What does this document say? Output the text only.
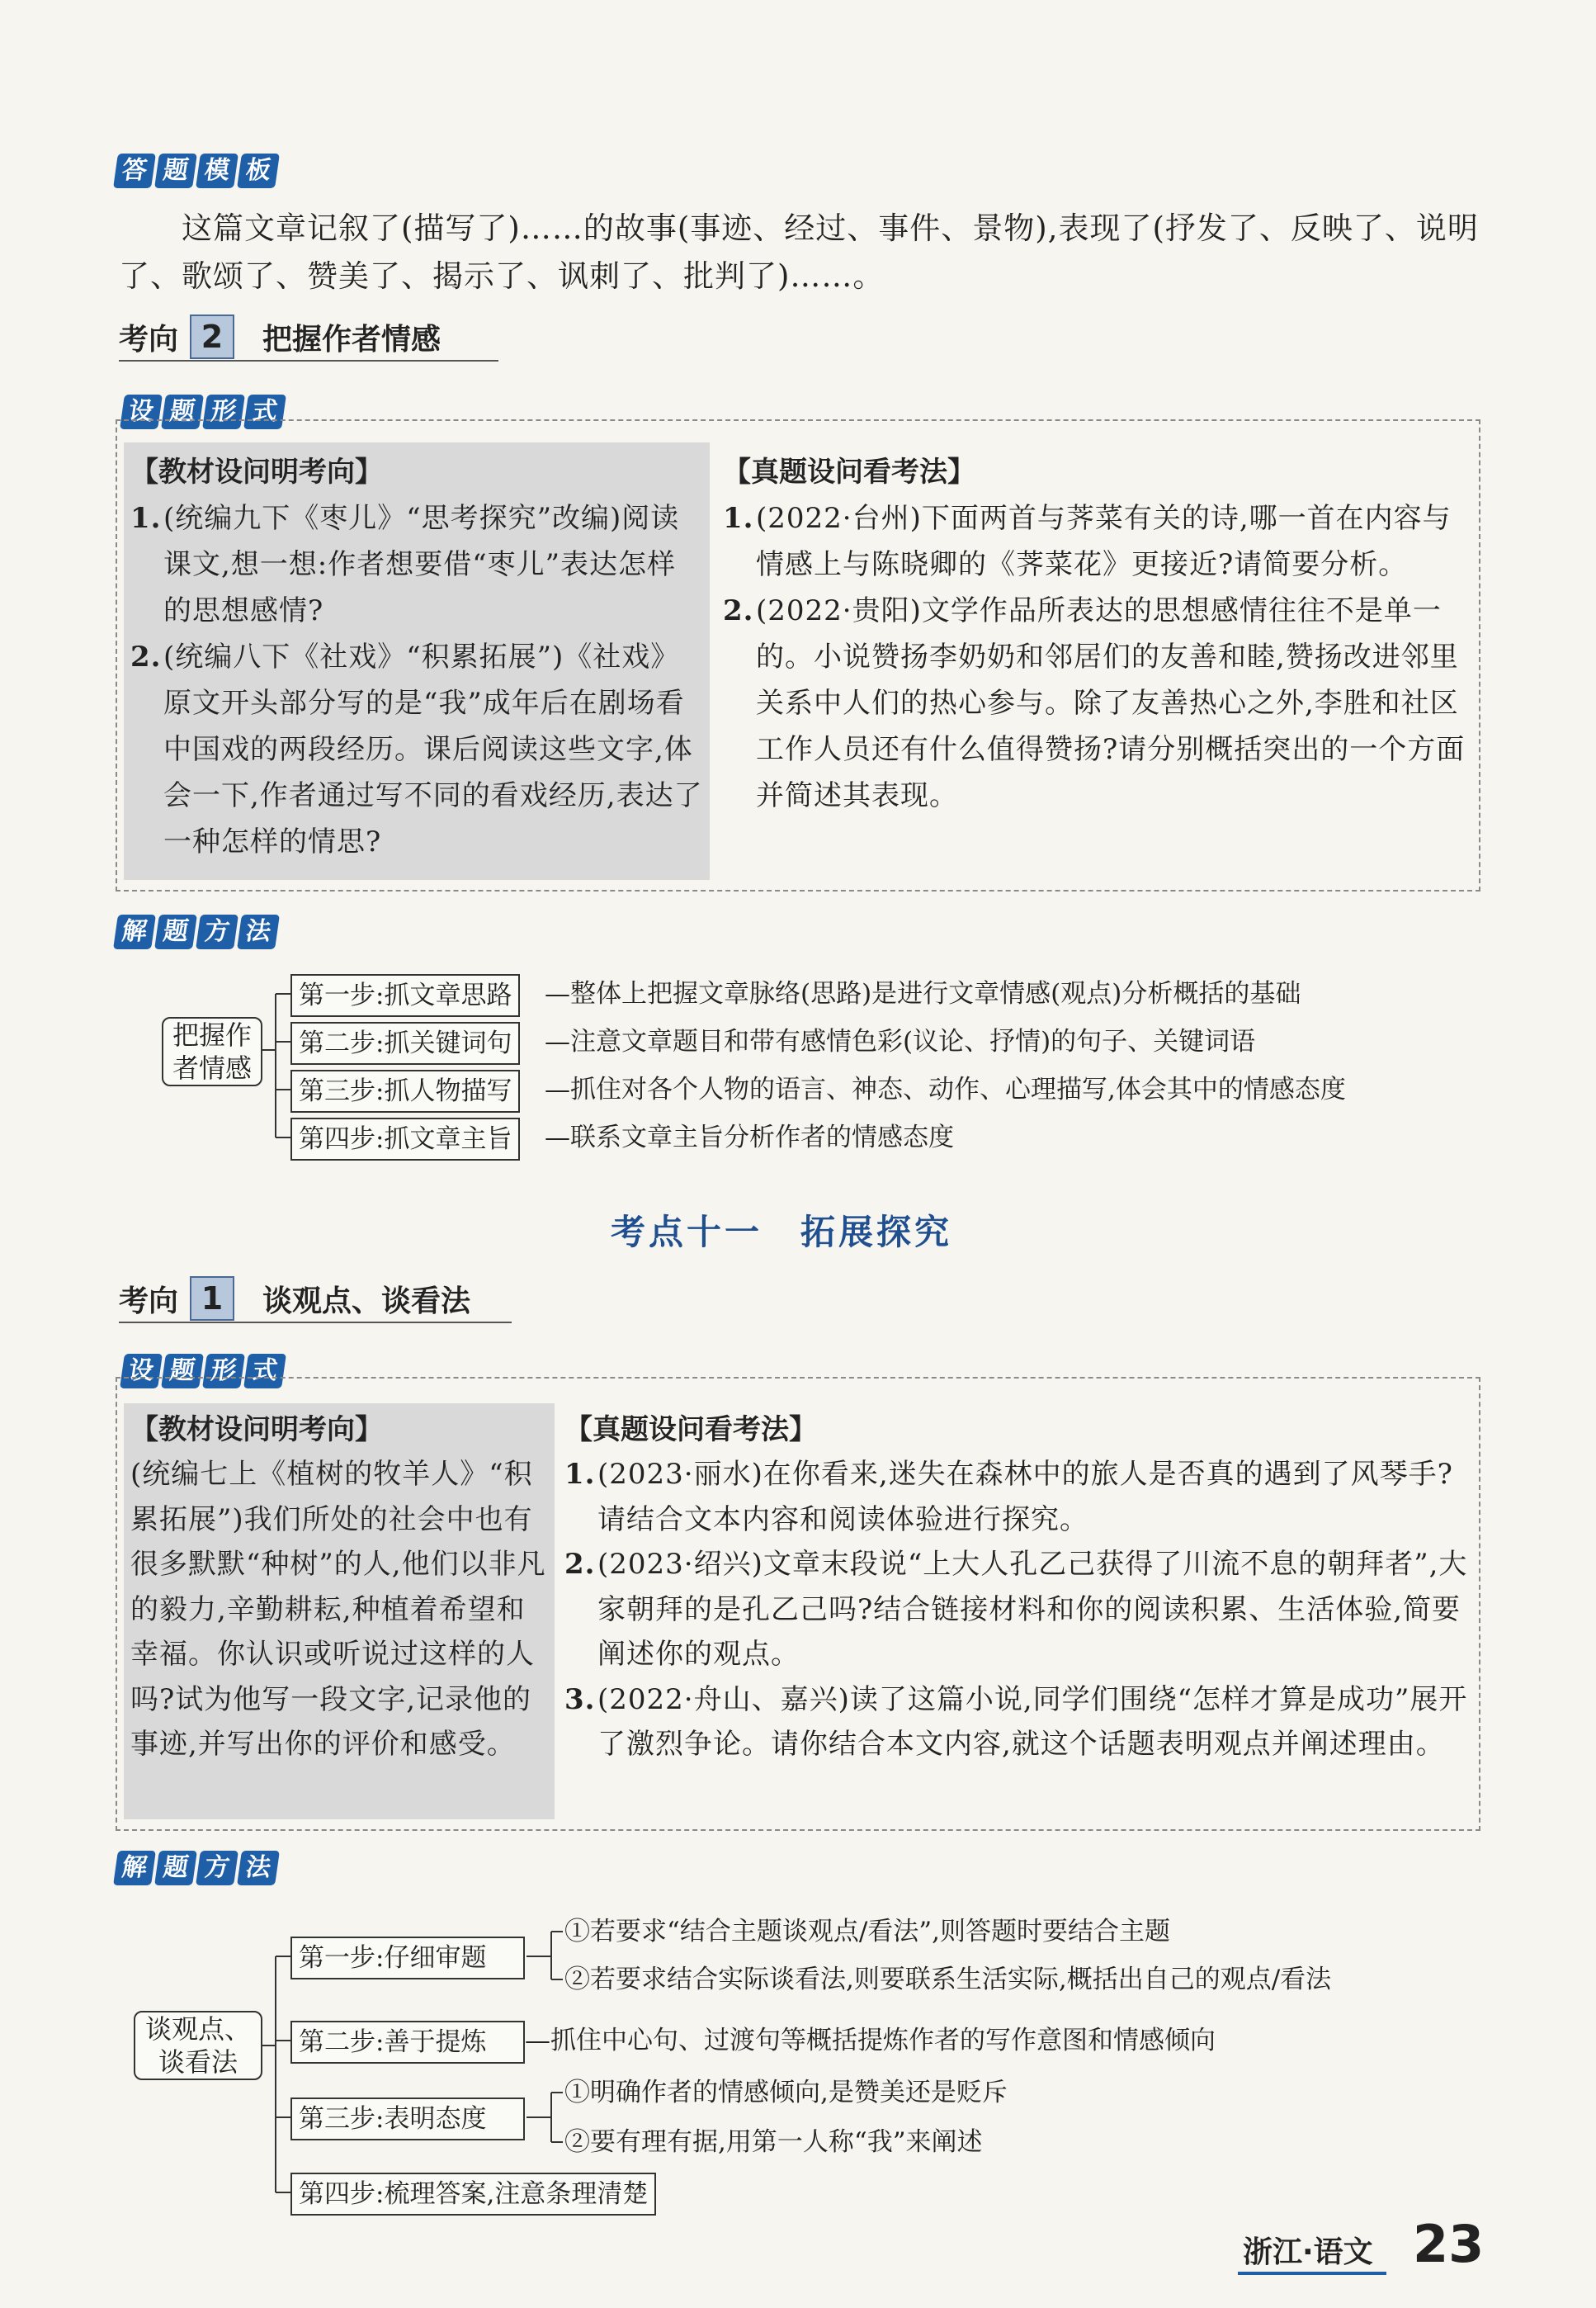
答 题 模 板
这篇文章记叙了(描写了)……的故事(事迹、经过、事件、景物),表现了(抒发了、反映了、说明了、歌颂了、赞美了、揭示了、讽刺了、批判了)……。
考向 2	把握作者情感
设 题 形 式
【教材设问明考向】
1. (统编九下《枣儿》“思考探究”改编)阅读课文,想一想:作者想要借“枣儿”表达怎样的思想感情?
2. (统编八下《社戏》“积累拓展”)《社戏》原文开头部分写的是“我”成年后在剧场看中国戏的两段经历。课后阅读这些文字,体会一下,作者通过写不同的看戏经历,表达了一种怎样的情思?
【真题设问看考法】
1. (2022·台州)下面两首与荠菜有关的诗,哪一首在内容与情感上与陈晓卿的《荠菜花》更接近?请简要分析。
2. (2022·贵阳)文学作品所表达的思想感情往往不是单一的。小说赞扬李奶奶和邻居们的友善和睦,赞扬改进邻里关系中人们的热心参与。除了友善热心之外,李胜和社区工作人员还有什么值得赞扬?请分别概括突出的一个方面并简述其表现。
解 题 方 法
把握作
者情感
第一步:抓文章思路	—整体上把握文章脉络(思路)是进行文章情感(观点)分析概括的基础
第二步:抓关键词句	—注意文章题目和带有感情色彩(议论、抒情)的句子、关键词语
第三步:抓人物描写	—抓住对各个人物的语言、神态、动作、心理描写,体会其中的情感态度
第四步:抓文章主旨	—联系文章主旨分析作者的情感态度
考点十一　拓展探究
考向 1	谈观点、谈看法
设 题 形 式
【教材设问明考向】
(统编七上《植树的牧羊人》“积累拓展”)我们所处的社会中也有很多默默“种树”的人,他们以非凡的毅力,辛勤耕耘,种植着希望和幸福。你认识或听说过这样的人吗?试为他写一段文字,记录他的事迹,并写出你的评价和感受。
【真题设问看考法】
1. (2023·丽水)在你看来,迷失在森林中的旅人是否真的遇到了风琴手?请结合文本内容和阅读体验进行探究。
2. (2023·绍兴)文章末段说“上大人孔乙己获得了川流不息的朝拜者”,大家朝拜的是孔乙己吗?结合链接材料和你的阅读积累、生活体验,简要阐述你的观点。
3. (2022·舟山、嘉兴)读了这篇小说,同学们围绕“怎样才算是成功”展开了激烈争论。请你结合本文内容,就这个话题表明观点并阐述理由。
解 题 方 法
谈观点、
谈看法
第一步:仔细审题
①若要求“结合主题谈观点/看法”,则答题时要结合主题
②若要求结合实际谈看法,则要联系生活实际,概括出自己的观点/看法
第二步:善于提炼	—抓住中心句、过渡句等概括提炼作者的写作意图和情感倾向
第三步:表明态度
①明确作者的情感倾向,是赞美还是贬斥
②要有理有据,用第一人称“我”来阐述
第四步:梳理答案,注意条理清楚
浙江·语文 23
